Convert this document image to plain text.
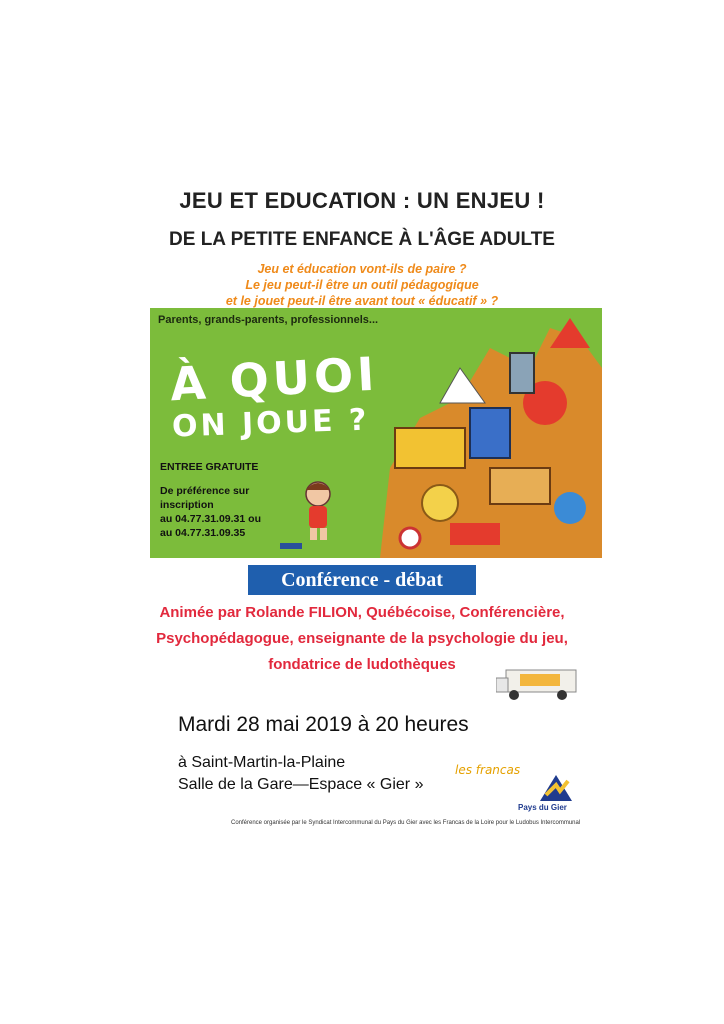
JEU ET EDUCATION : UN ENJEU !
DE LA PETITE ENFANCE À L'ÂGE ADULTE
Jeu et éducation vont-ils de paire ?
Le jeu peut-il être un outil pédagogique
et le jouet peut-il être avant tout « éducatif » ?
Parents, grands-parents, professionnels...
À QUOI
ON JOUE ?
ENTREE GRATUITE
De préférence sur
inscription
au 04.77.31.09.31 ou
au 04.77.31.09.35
Conférence - débat
Animée par Rolande FILION, Québécoise, Conférencière,
Psychopédagogue, enseignante de la psychologie du jeu,
fondatrice de ludothèques
Mardi 28 mai 2019 à 20 heures
à Saint-Martin-la-Plaine
Salle de la Gare—Espace « Gier »
les francas
Pays du Gier
Conférence organisée par le Syndicat Intercommunal du Pays du Gier avec les Francas de la Loire pour le Ludobus Intercommunal
